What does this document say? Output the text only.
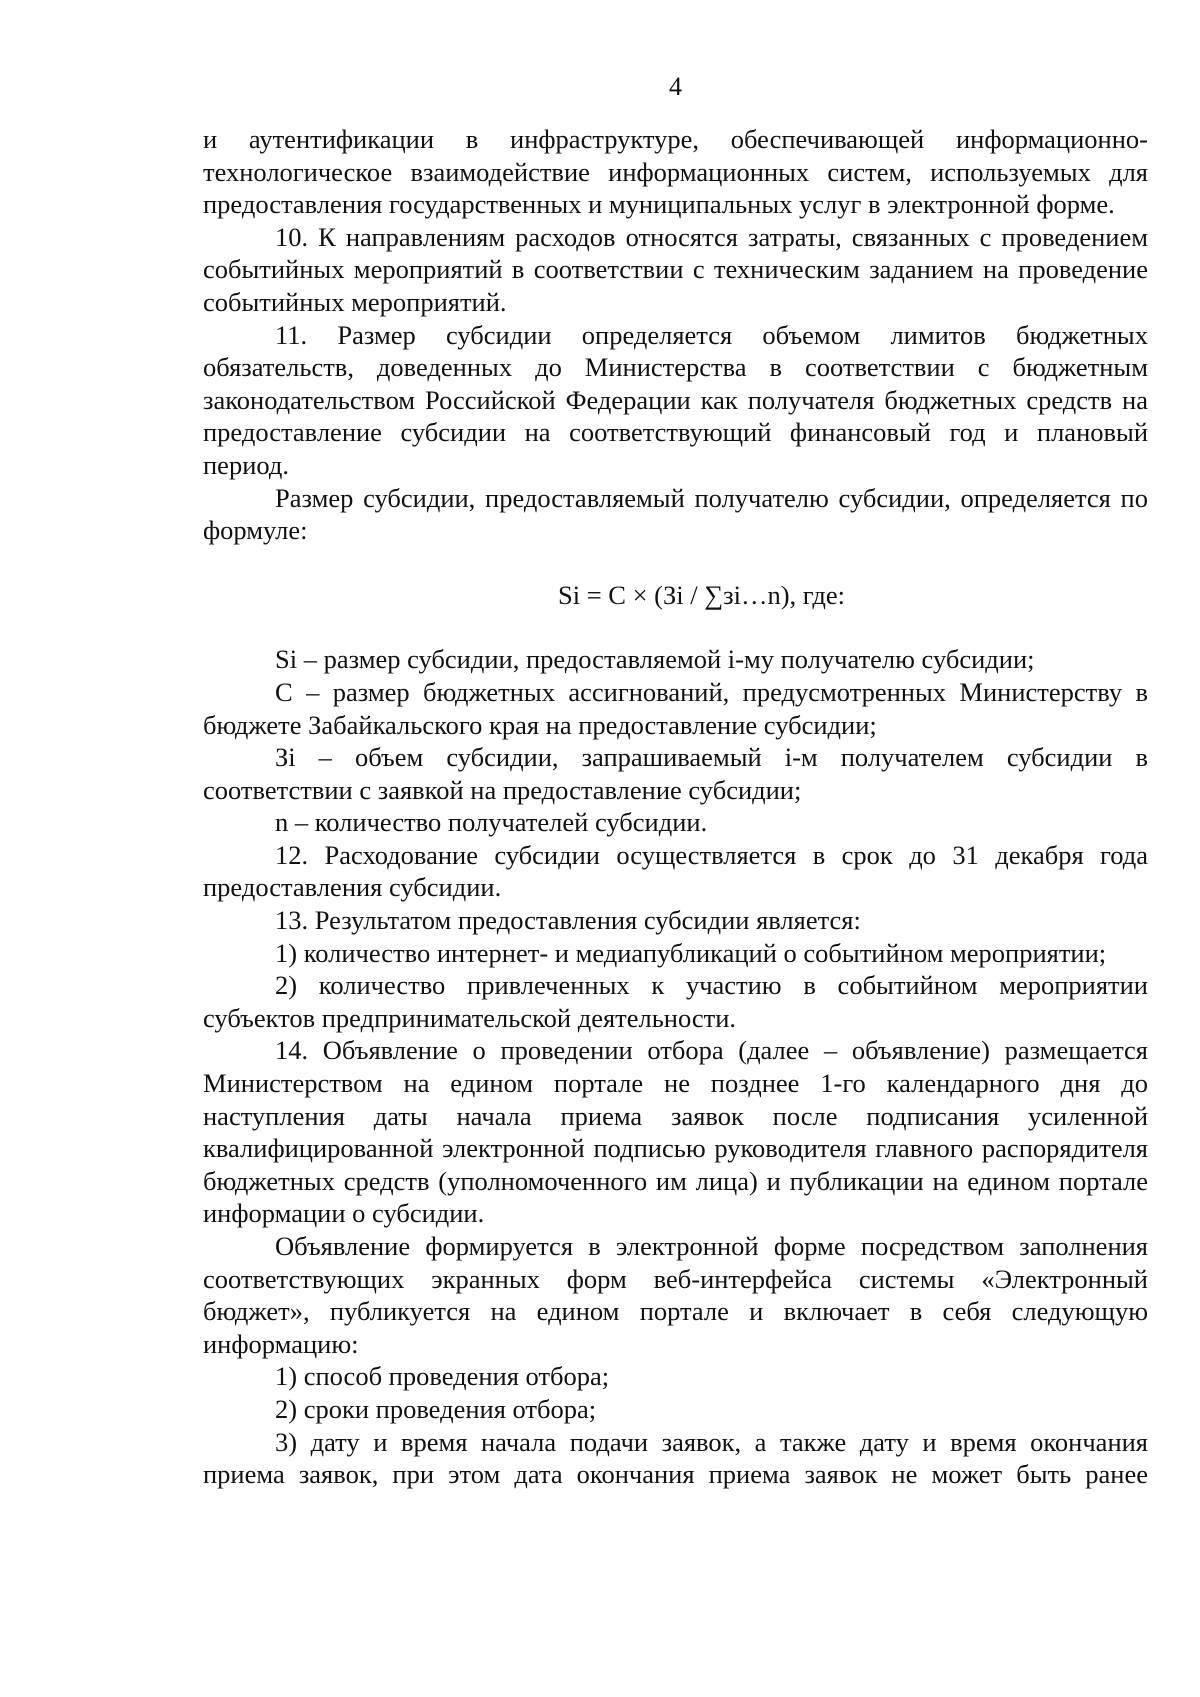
4

и аутентификации в инфраструктуре, обеспечивающей информационно-технологическое взаимодействие информационных систем, используемых для предоставления государственных и муниципальных услуг в электронной форме.

10. К направлениям расходов относятся затраты, связанных с проведением событийных мероприятий в соответствии с техническим заданием на проведение событийных мероприятий.

11. Размер субсидии определяется объемом лимитов бюджетных обязательств, доведенных до Министерства в соответствии с бюджетным законодательством Российской Федерации как получателя бюджетных средств на предоставление субсидии на соответствующий финансовый год и плановый период.

Размер субсидии, предоставляемый получателю субсидии, определяется по формуле:

Si = C × (Зi / ∑зi…n), где:

Si – размер субсидии, предоставляемой i-му получателю субсидии;

С – размер бюджетных ассигнований, предусмотренных Министерству в бюджете Забайкальского края на предоставление субсидии;

Зi – объем субсидии, запрашиваемый i-м получателем субсидии в соответствии с заявкой на предоставление субсидии;

n – количество получателей субсидии.

12. Расходование субсидии осуществляется в срок до 31 декабря года предоставления субсидии.

13. Результатом предоставления субсидии является:

1) количество интернет- и медиапубликаций о событийном мероприятии;

2) количество привлеченных к участию в событийном мероприятии субъектов предпринимательской деятельности.

14. Объявление о проведении отбора (далее – объявление) размещается Министерством на едином портале не позднее 1-го календарного дня до наступления даты начала приема заявок после подписания усиленной квалифицированной электронной подписью руководителя главного распорядителя бюджетных средств (уполномоченного им лица) и публикации на едином портале информации о субсидии.

Объявление формируется в электронной форме посредством заполнения соответствующих экранных форм веб-интерфейса системы «Электронный бюджет», публикуется на едином портале и включает в себя следующую информацию:

1) способ проведения отбора;

2) сроки проведения отбора;

3) дату и время начала подачи заявок, а также дату и время окончания приема заявок, при этом дата окончания приема заявок не может быть ранее
